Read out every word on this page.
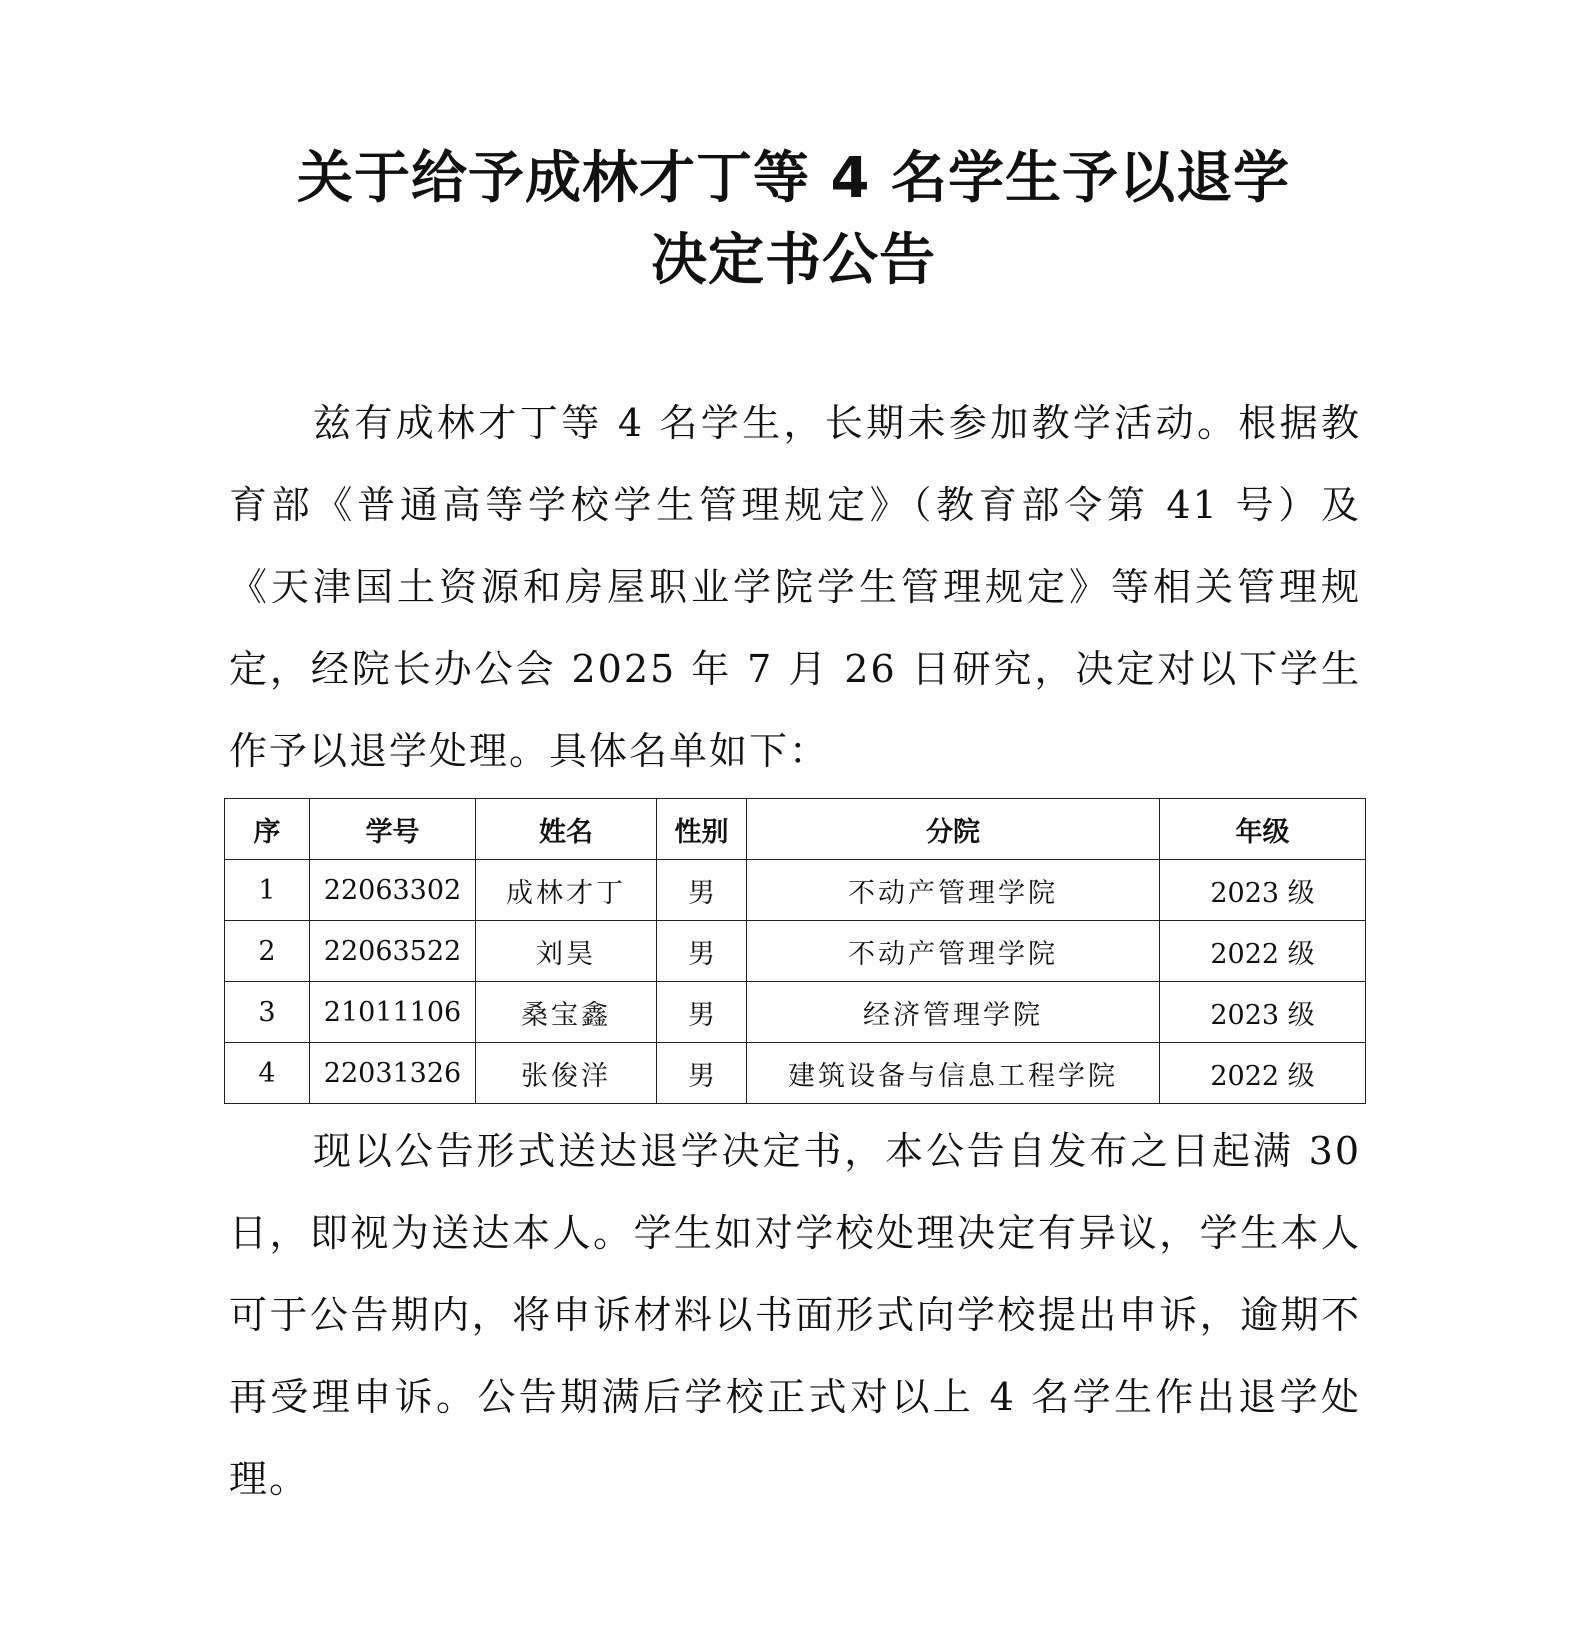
关于给予成林才丁等 4 名学生予以退学
决定书公告

兹有成林才丁等 4 名学生，长期未参加教学活动。根据教育部《普通高等学校学生管理规定》（教育部令第 41 号）及《天津国土资源和房屋职业学院学生管理规定》等相关管理规定，经院长办公会 2025 年 7 月 26 日研究，决定对以下学生作予以退学处理。具体名单如下：

序	学号	姓名	性别	分院	年级
1	22063302	成林才丁	男	不动产管理学院	2023 级
2	22063522	刘昊	男	不动产管理学院	2022 级
3	21011106	桑宝鑫	男	经济管理学院	2023 级
4	22031326	张俊洋	男	建筑设备与信息工程学院	2022 级

现以公告形式送达退学决定书，本公告自发布之日起满 30 日，即视为送达本人。学生如对学校处理决定有异议，学生本人可于公告期内，将申诉材料以书面形式向学校提出申诉，逾期不再受理申诉。公告期满后学校正式对以上 4 名学生作出退学处理。
